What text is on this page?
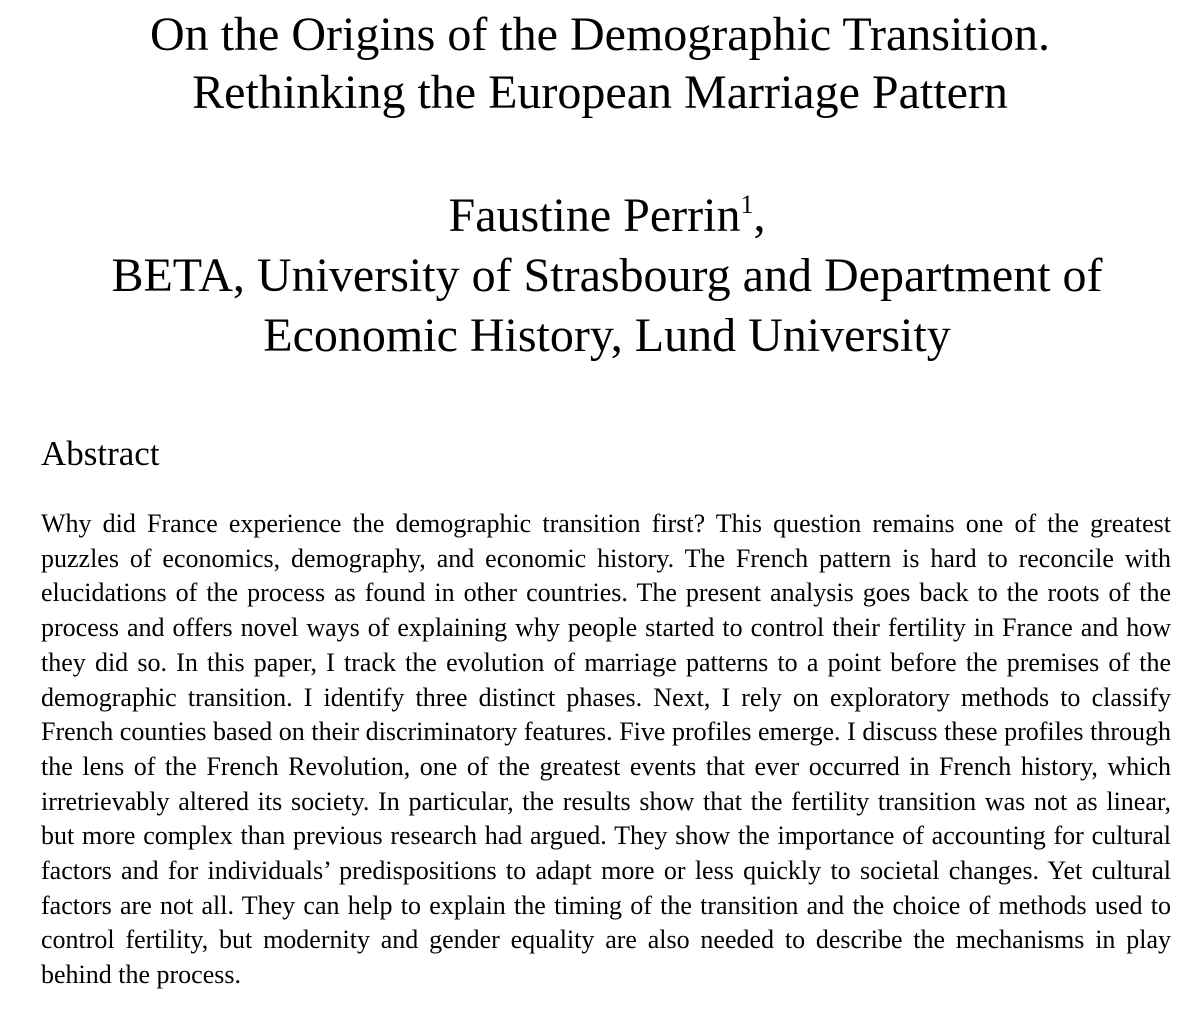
On the Origins of the Demographic Transition.
Rethinking the European Marriage Pattern
Faustine Perrin$^1$,
BETA, University of Strasbourg and Department of
Economic History, Lund University
Abstract

Why did France experience the demographic transition first? This question remains one of the greatest puzzles of economics, demography, and economic history. The French pattern is hard to reconcile with elucidations of the process as found in other countries. The present analysis goes back to the roots of the process and offers novel ways of explaining why people started to control their fertility in France and how they did so. In this paper, I track the evolution of marriage patterns to a point before the premises of the demographic transition. I identify three distinct phases. Next, I rely on exploratory methods to classify French counties based on their discriminatory features. Five profiles emerge. I discuss these profiles through the lens of the French Revolution, one of the greatest events that ever occurred in French history, which irretrievably altered its society. In particular, the results show that the fertility transition was not as linear, but more complex than previous research had argued. They show the importance of accounting for cultural factors and for individuals’ predispositions to adapt more or less quickly to societal changes. Yet cultural factors are not all. They can help to explain the timing of the transition and the choice of methods used to control fertility, but modernity and gender equality are also needed to describe the mechanisms in play behind the process.
